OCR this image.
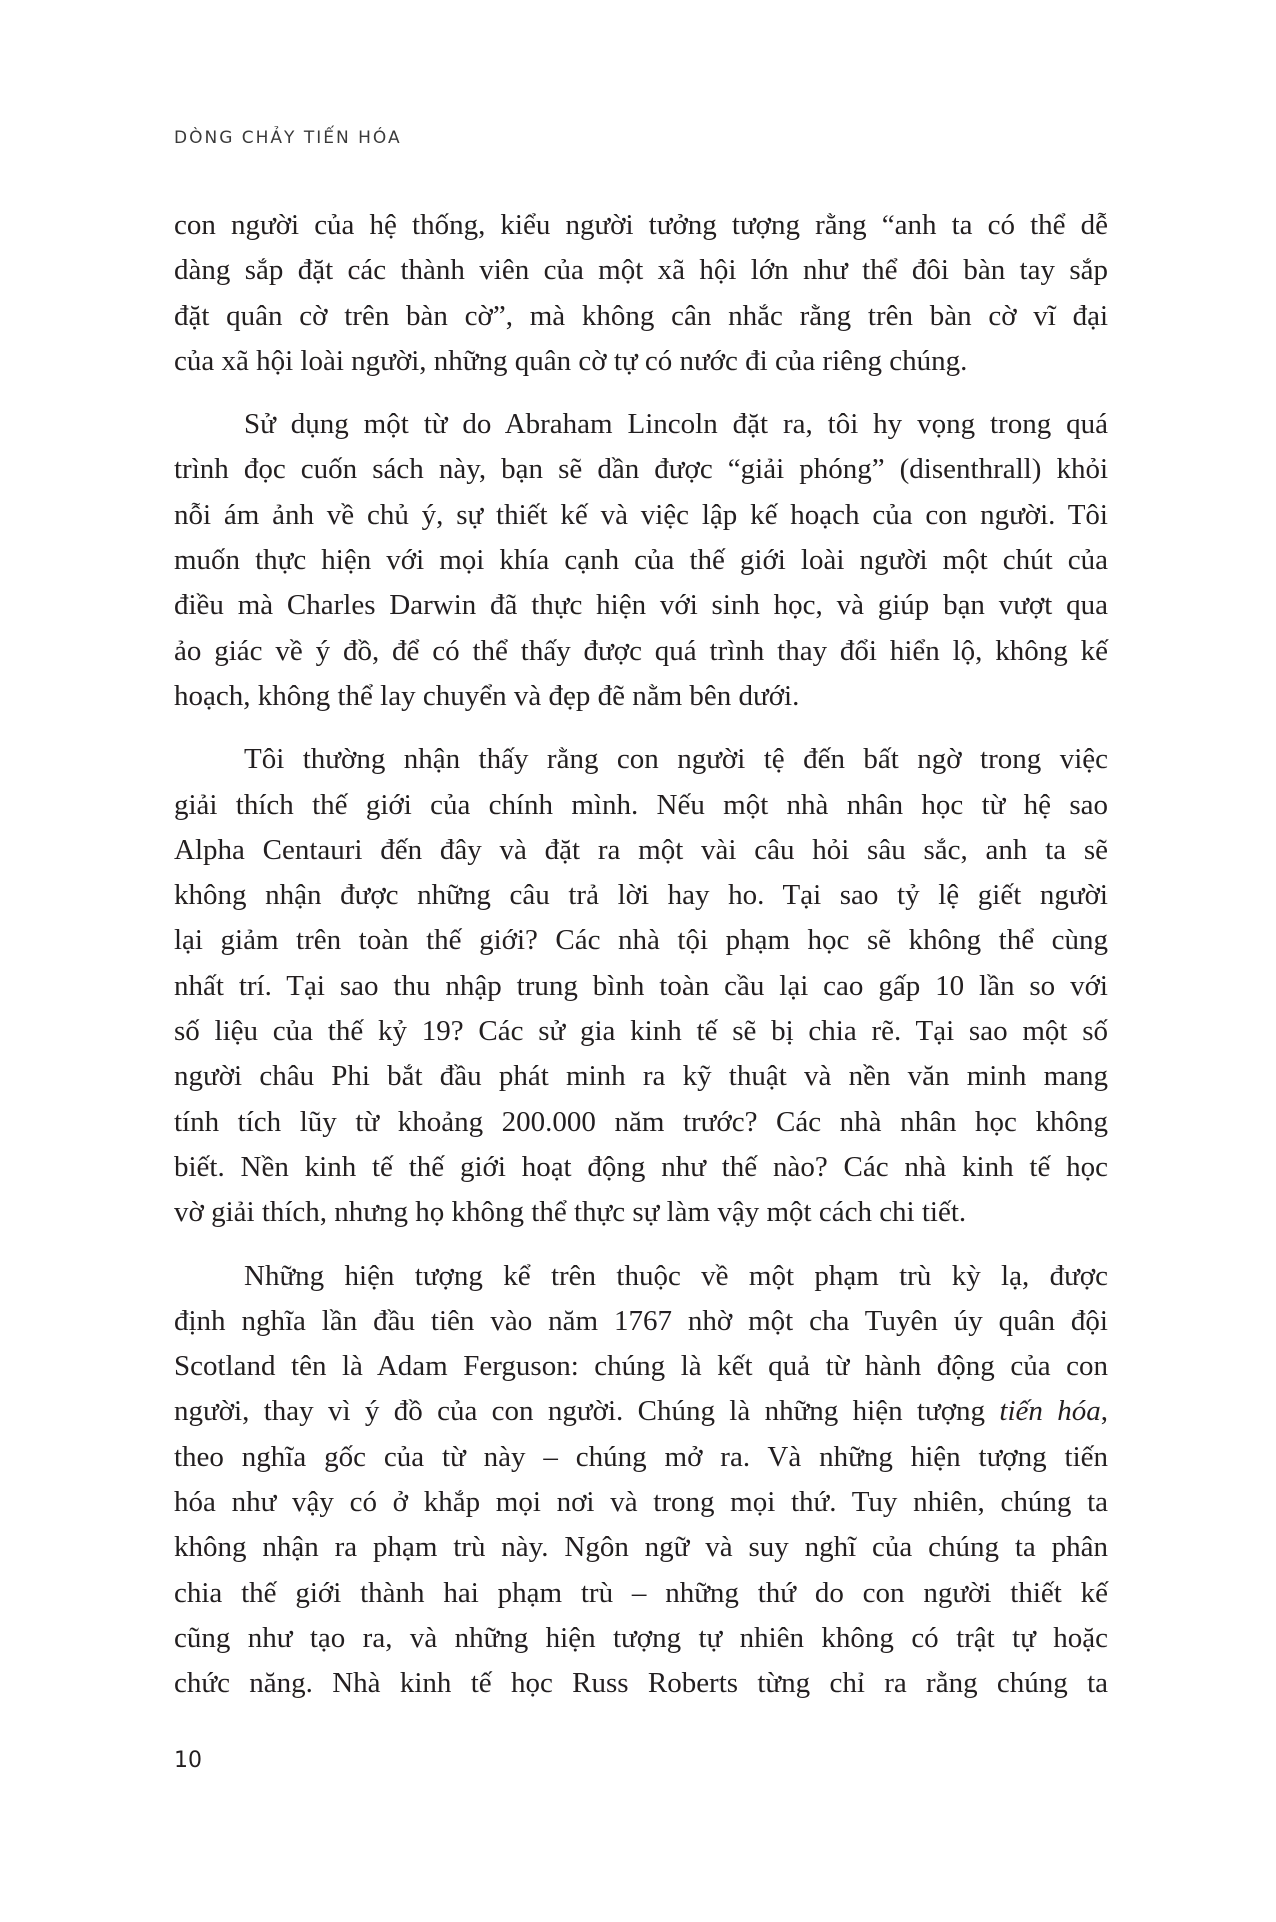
DÒNG CHẢY TIẾN HÓA
con người của hệ thống, kiểu người tưởng tượng rằng “anh ta có thể dễ
dàng sắp đặt các thành viên của một xã hội lớn như thể đôi bàn tay sắp
đặt quân cờ trên bàn cờ”, mà không cân nhắc rằng trên bàn cờ vĩ đại
của xã hội loài người, những quân cờ tự có nước đi của riêng chúng.
Sử dụng một từ do Abraham Lincoln đặt ra, tôi hy vọng trong quá
trình đọc cuốn sách này, bạn sẽ dần được “giải phóng” (disenthrall) khỏi
nỗi ám ảnh về chủ ý, sự thiết kế và việc lập kế hoạch của con người. Tôi
muốn thực hiện với mọi khía cạnh của thế giới loài người một chút của
điều mà Charles Darwin đã thực hiện với sinh học, và giúp bạn vượt qua
ảo giác về ý đồ, để có thể thấy được quá trình thay đổi hiển lộ, không kế
hoạch, không thể lay chuyển và đẹp đẽ nằm bên dưới.
Tôi thường nhận thấy rằng con người tệ đến bất ngờ trong việc
giải thích thế giới của chính mình. Nếu một nhà nhân học từ hệ sao
Alpha Centauri đến đây và đặt ra một vài câu hỏi sâu sắc, anh ta sẽ
không nhận được những câu trả lời hay ho. Tại sao tỷ lệ giết người
lại giảm trên toàn thế giới? Các nhà tội phạm học sẽ không thể cùng
nhất trí. Tại sao thu nhập trung bình toàn cầu lại cao gấp 10 lần so với
số liệu của thế kỷ 19? Các sử gia kinh tế sẽ bị chia rẽ. Tại sao một số
người châu Phi bắt đầu phát minh ra kỹ thuật và nền văn minh mang
tính tích lũy từ khoảng 200.000 năm trước? Các nhà nhân học không
biết. Nền kinh tế thế giới hoạt động như thế nào? Các nhà kinh tế học
vờ giải thích, nhưng họ không thể thực sự làm vậy một cách chi tiết.
Những hiện tượng kể trên thuộc về một phạm trù kỳ lạ, được
định nghĩa lần đầu tiên vào năm 1767 nhờ một cha Tuyên úy quân đội
Scotland tên là Adam Ferguson: chúng là kết quả từ hành động của con
người, thay vì ý đồ của con người. Chúng là những hiện tượng tiến hóa,
theo nghĩa gốc của từ này – chúng mở ra. Và những hiện tượng tiến
hóa như vậy có ở khắp mọi nơi và trong mọi thứ. Tuy nhiên, chúng ta
không nhận ra phạm trù này. Ngôn ngữ và suy nghĩ của chúng ta phân
chia thế giới thành hai phạm trù – những thứ do con người thiết kế
cũng như tạo ra, và những hiện tượng tự nhiên không có trật tự hoặc
chức năng. Nhà kinh tế học Russ Roberts từng chỉ ra rằng chúng ta
10
